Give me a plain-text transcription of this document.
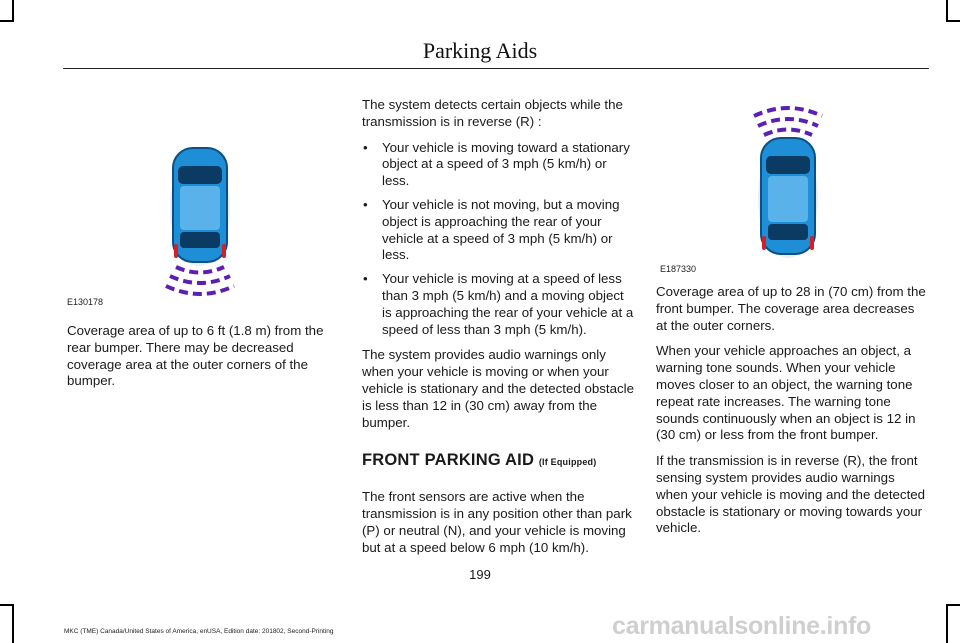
Parking Aids
E130178
E187330

Coverage area of up to 6 ft (1.8 m) from the rear bumper. There may be decreased coverage area at the outer corners of the bumper.

The system detects certain objects while the transmission is in reverse (R) :

• Your vehicle is moving toward a stationary object at a speed of 3 mph (5 km/h) or less.
• Your vehicle is not moving, but a moving object is approaching the rear of your vehicle at a speed of 3 mph (5 km/h) or less.
• Your vehicle is moving at a speed of less than 3 mph (5 km/h) and a moving object is approaching the rear of your vehicle at a speed of less than 3 mph (5 km/h).

The system provides audio warnings only when your vehicle is moving or when your vehicle is stationary and the detected obstacle is less than 12 in (30 cm) away from the bumper.

FRONT PARKING AID (If Equipped)

The front sensors are active when the transmission is in any position other than park (P) or neutral (N), and your vehicle is moving but at a speed below 6 mph (10 km/h).

Coverage area of up to 28 in (70 cm) from the front bumper. The coverage area decreases at the outer corners.

When your vehicle approaches an object, a warning tone sounds. When your vehicle moves closer to an object, the warning tone repeat rate increases. The warning tone sounds continuously when an object is 12 in (30 cm) or less from the front bumper.

If the transmission is in reverse (R), the front sensing system provides audio warnings when your vehicle is moving and the detected obstacle is stationary or moving towards your vehicle.

199
MKC (TME) Canada/United States of America, enUSA, Edition date: 201802, Second-Printing	carmanualsonline.info
